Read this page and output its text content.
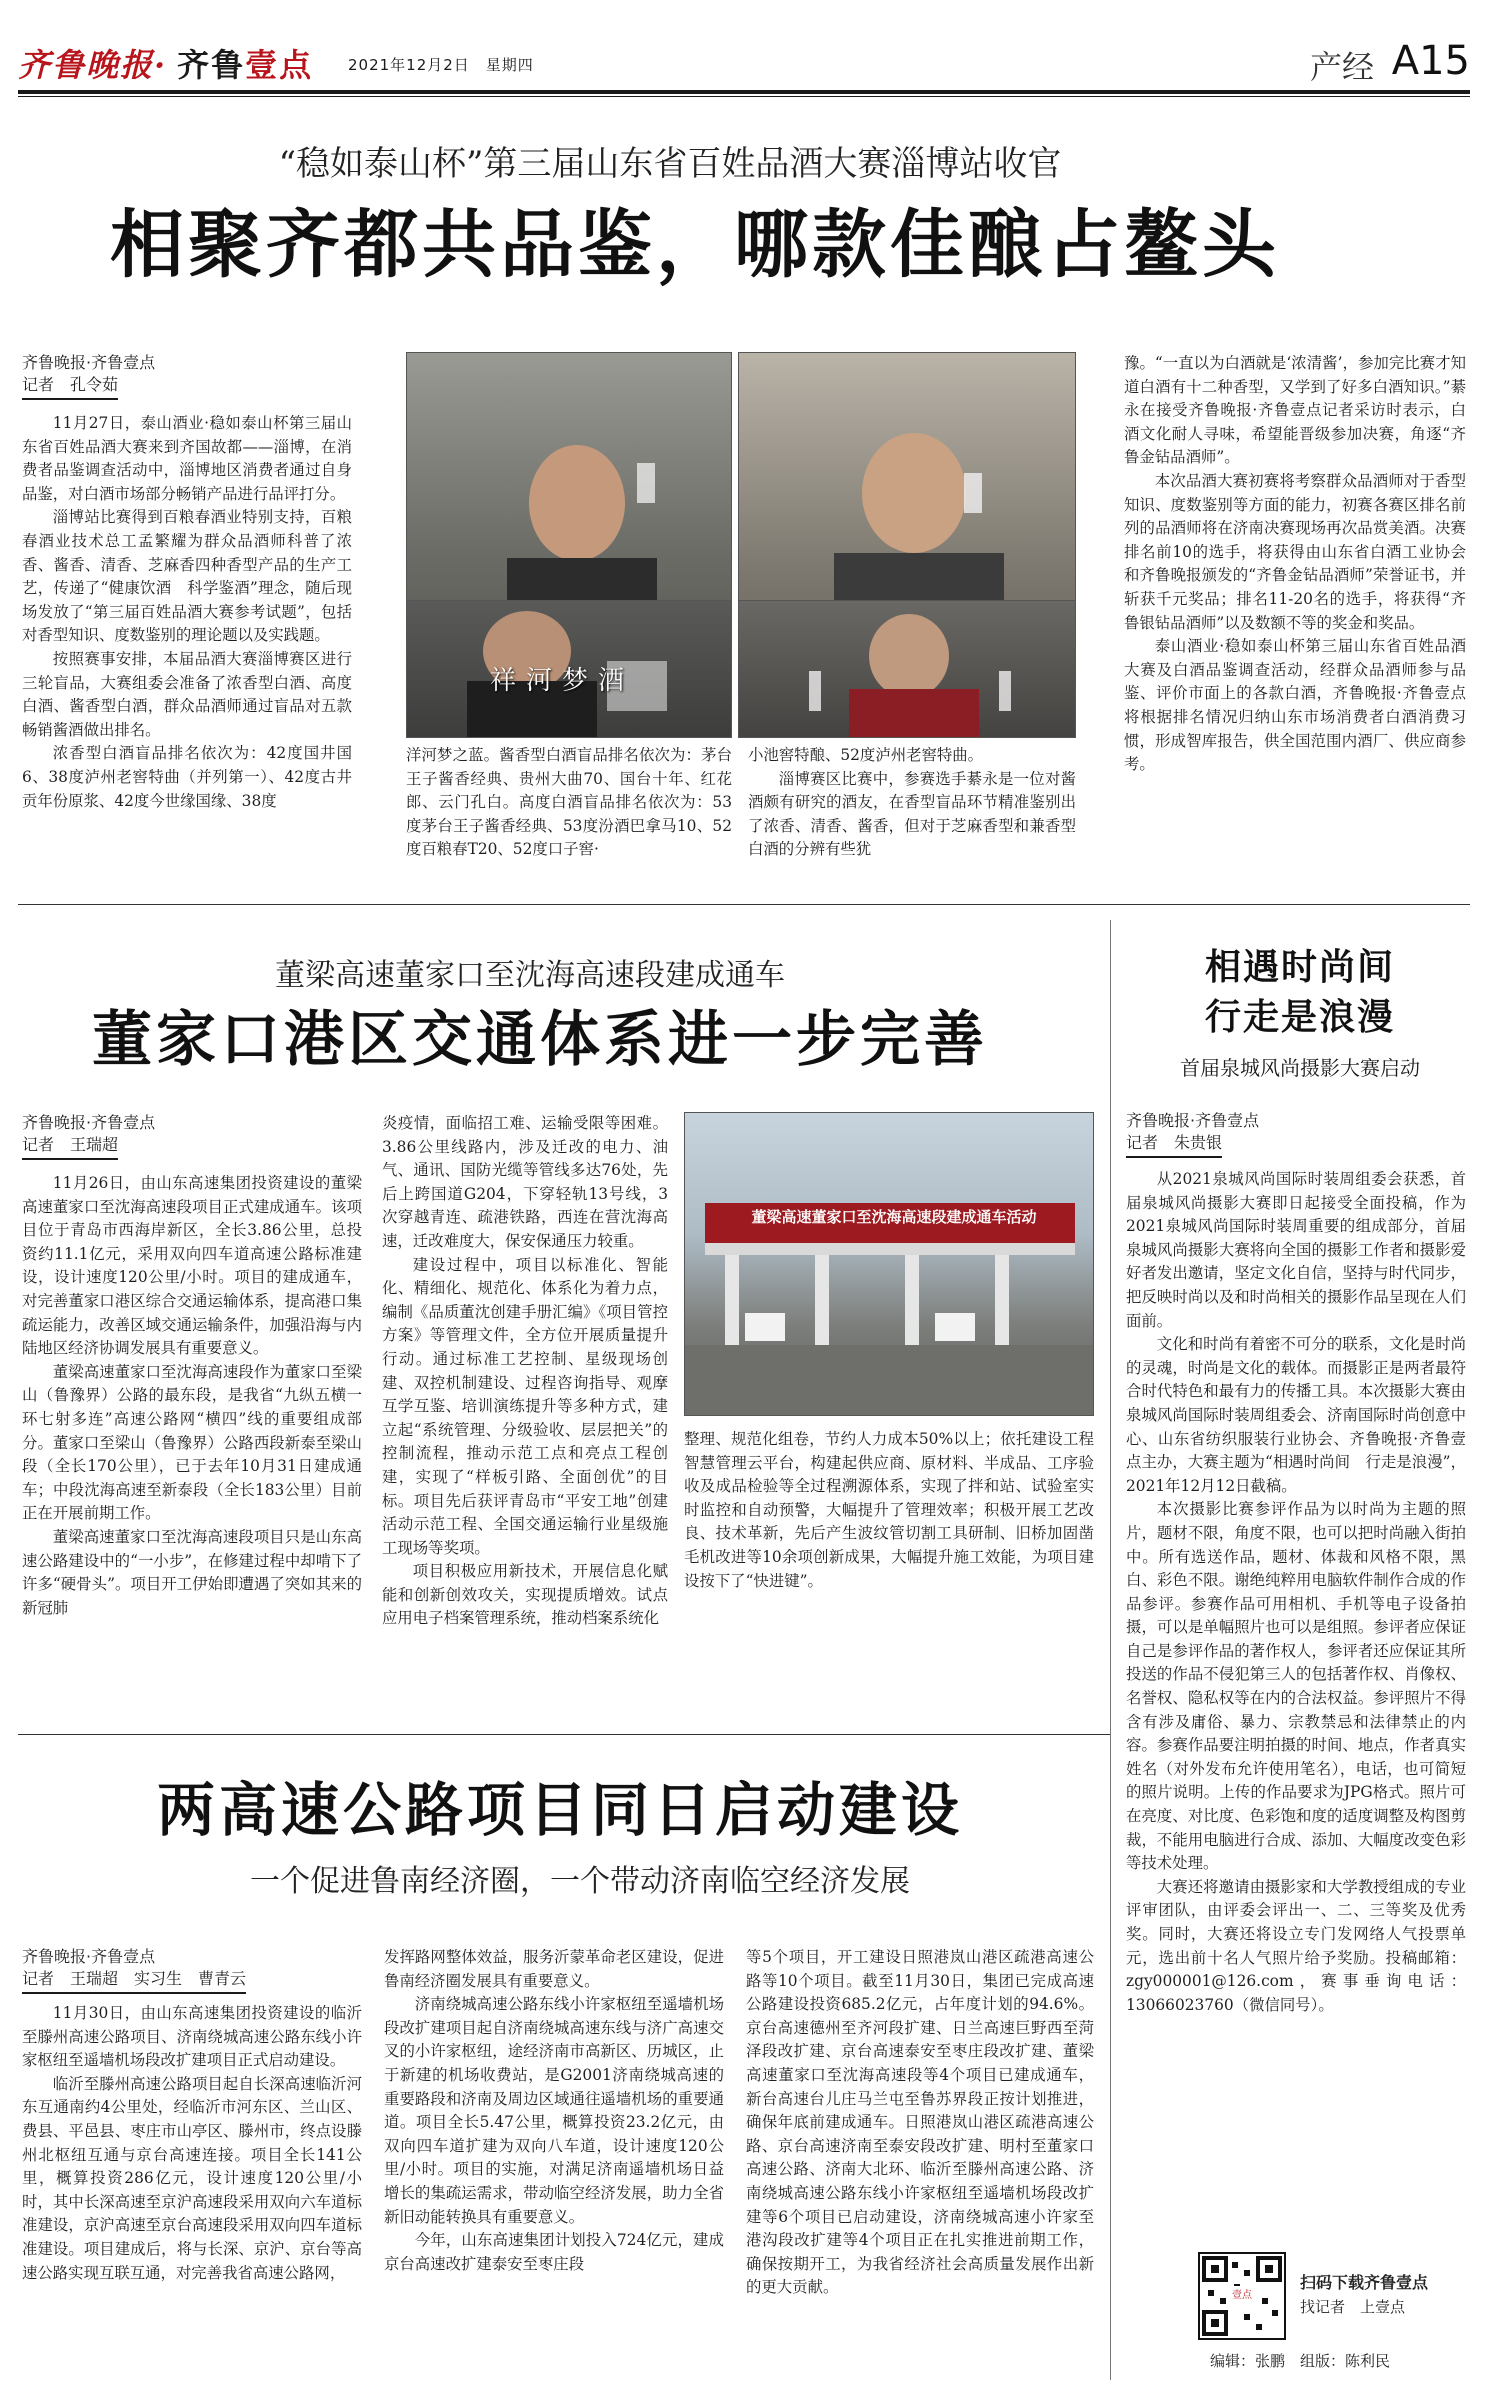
齐鲁晚报· 齐鲁壹点 2021年12月2日　星期四	产经 A15
“稳如泰山杯”第三届山东省百姓品酒大赛淄博站收官
相聚齐都共品鉴，哪款佳酿占鳌头
齐鲁晚报·齐鲁壹点
记者　孔令茹

11月27日，泰山酒业·稳如泰山杯第三届山东省百姓品酒大赛来到齐国故都——淄博，在消费者品鉴调查活动中，淄博地区消费者通过自身品鉴，对白酒市场部分畅销产品进行品评打分。

淄博站比赛得到百粮春酒业特别支持，百粮春酒业技术总工孟繁耀为群众品酒师科普了浓香、酱香、清香、芝麻香四种香型产品的生产工艺，传递了“健康饮酒　科学鉴酒”理念，随后现场发放了“第三届百姓品酒大赛参考试题”，包括对香型知识、度数鉴别的理论题以及实践题。

按照赛事安排，本届品酒大赛淄博赛区进行三轮盲品，大赛组委会准备了浓香型白酒、高度白酒、酱香型白酒，群众品酒师通过盲品对五款畅销酱酒做出排名。

浓香型白酒盲品排名依次为：42度国井国6、38度泸州老窖特曲（并列第一）、42度古井贡年份原浆、42度今世缘国缘、38度

祥河梦酒

洋河梦之蓝。酱香型白酒盲品排名依次为：茅台王子酱香经典、贵州大曲70、国台十年、红花郎、云门孔白。高度白酒盲品排名依次为：53度茅台王子酱香经典、53度汾酒巴拿马10、52度百粮春T20、52度口子窖·

小池窖特酿、52度泸州老窖特曲。

淄博赛区比赛中，参赛选手綦永是一位对酱酒颇有研究的酒友，在香型盲品环节精准鉴别出了浓香、清香、酱香，但对于芝麻香型和兼香型白酒的分辨有些犹

豫。“一直以为白酒就是‘浓清酱’，参加完比赛才知道白酒有十二种香型，又学到了好多白酒知识。”綦永在接受齐鲁晚报·齐鲁壹点记者采访时表示，白酒文化耐人寻味，希望能晋级参加决赛，角逐“齐鲁金钻品酒师”。

本次品酒大赛初赛将考察群众品酒师对于香型知识、度数鉴别等方面的能力，初赛各赛区排名前列的品酒师将在济南决赛现场再次品赏美酒。决赛排名前10的选手，将获得由山东省白酒工业协会和齐鲁晚报颁发的“齐鲁金钻品酒师”荣誉证书，并斩获千元奖品；排名11-20名的选手，将获得“齐鲁银钻品酒师”以及数额不等的奖金和奖品。

泰山酒业·稳如泰山杯第三届山东省百姓品酒大赛及白酒品鉴调查活动，经群众品酒师参与品鉴、评价市面上的各款白酒，齐鲁晚报·齐鲁壹点将根据排名情况归纳山东市场消费者白酒消费习惯，形成智库报告，供全国范围内酒厂、供应商参考。

董梁高速董家口至沈海高速段建成通车
董家口港区交通体系进一步完善
齐鲁晚报·齐鲁壹点
记者　王瑞超

11月26日，由山东高速集团投资建设的董梁高速董家口至沈海高速段项目正式建成通车。该项目位于青岛市西海岸新区，全长3.86公里，总投资约11.1亿元，采用双向四车道高速公路标准建设，设计速度120公里/小时。项目的建成通车，对完善董家口港区综合交通运输体系，提高港口集疏运能力，改善区域交通运输条件，加强沿海与内陆地区经济协调发展具有重要意义。

董梁高速董家口至沈海高速段作为董家口至梁山（鲁豫界）公路的最东段，是我省“九纵五横一环七射多连”高速公路网“横四”线的重要组成部分。董家口至梁山（鲁豫界）公路西段新泰至梁山段（全长170公里），已于去年10月31日建成通车；中段沈海高速至新泰段（全长183公里）目前正在开展前期工作。

董梁高速董家口至沈海高速段项目只是山东高速公路建设中的“一小步”，在修建过程中却啃下了许多“硬骨头”。项目开工伊始即遭遇了突如其来的新冠肺

炎疫情，面临招工难、运输受限等困难。3.86公里线路内，涉及迁改的电力、油气、通讯、国防光缆等管线多达76处，先后上跨国道G204，下穿轻轨13号线，3次穿越青连、疏港铁路，西连在营沈海高速，迁改难度大，保安保通压力较重。

建设过程中，项目以标准化、智能化、精细化、规范化、体系化为着力点，编制《品质董沈创建手册汇编》《项目管控方案》等管理文件，全方位开展质量提升行动。通过标准工艺控制、星级现场创建、双控机制建设、过程咨询指导、观摩互学互鉴、培训演练提升等多种方式，建立起“系统管理、分级验收、层层把关”的控制流程，推动示范工点和亮点工程创建，实现了“样板引路、全面创优”的目标。项目先后获评青岛市“平安工地”创建活动示范工程、全国交通运输行业星级施工现场等奖项。

项目积极应用新技术，开展信息化赋能和创新创效攻关，实现提质增效。试点应用电子档案管理系统，推动档案系统化

董梁高速董家口至沈海高速段建成通车活动

整理、规范化组卷，节约人力成本50%以上；依托建设工程智慧管理云平台，构建起供应商、原材料、半成品、工序验收及成品检验等全过程溯源体系，实现了拌和站、试验室实时监控和自动预警，大幅提升了管理效率；积极开展工艺改良、技术革新，先后产生波纹管切割工具研制、旧桥加固凿毛机改进等10余项创新成果，大幅提升施工效能，为项目建设按下了“快进键”。

两高速公路项目同日启动建设
一个促进鲁南经济圈，一个带动济南临空经济发展
齐鲁晚报·齐鲁壹点
记者　王瑞超　实习生　曹青云

11月30日，由山东高速集团投资建设的临沂至滕州高速公路项目、济南绕城高速公路东线小许家枢纽至遥墙机场段改扩建项目正式启动建设。

临沂至滕州高速公路项目起自长深高速临沂河东互通南约4公里处，经临沂市河东区、兰山区、费县、平邑县、枣庄市山亭区、滕州市，终点设滕州北枢纽互通与京台高速连接。项目全长141公里，概算投资286亿元，设计速度120公里/小时，其中长深高速至京沪高速段采用双向六车道标准建设，京沪高速至京台高速段采用双向四车道标准建设。项目建成后，将与长深、京沪、京台等高速公路实现互联互通，对完善我省高速公路网，

发挥路网整体效益，服务沂蒙革命老区建设，促进鲁南经济圈发展具有重要意义。

济南绕城高速公路东线小许家枢纽至遥墙机场段改扩建项目起自济南绕城高速东线与济广高速交叉的小许家枢纽，途经济南市高新区、历城区，止于新建的机场收费站，是G2001济南绕城高速的重要路段和济南及周边区域通往遥墙机场的重要通道。项目全长5.47公里，概算投资23.2亿元，由双向四车道扩建为双向八车道，设计速度120公里/小时。项目的实施，对满足济南遥墙机场日益增长的集疏运需求，带动临空经济发展，助力全省新旧动能转换具有重要意义。

今年，山东高速集团计划投入724亿元，建成京台高速改扩建泰安至枣庄段

等5个项目，开工建设日照港岚山港区疏港高速公路等10个项目。截至11月30日，集团已完成高速公路建设投资685.2亿元，占年度计划的94.6%。京台高速德州至齐河段扩建、日兰高速巨野西至菏泽段改扩建、京台高速泰安至枣庄段改扩建、董梁高速董家口至沈海高速段等4个项目已建成通车，新台高速台儿庄马兰屯至鲁苏界段正按计划推进，确保年底前建成通车。日照港岚山港区疏港高速公路、京台高速济南至泰安段改扩建、明村至董家口高速公路、济南大北环、临沂至滕州高速公路、济南绕城高速公路东线小许家枢纽至遥墙机场段改扩建等6个项目已启动建设，济南绕城高速小许家至港沟段改扩建等4个项目正在扎实推进前期工作，确保按期开工，为我省经济社会高质量发展作出新的更大贡献。

相遇时尚间
行走是浪漫
首届泉城风尚摄影大赛启动
齐鲁晚报·齐鲁壹点
记者　朱贵银

从2021泉城风尚国际时装周组委会获悉，首届泉城风尚摄影大赛即日起接受全面投稿，作为2021泉城风尚国际时装周重要的组成部分，首届泉城风尚摄影大赛将向全国的摄影工作者和摄影爱好者发出邀请，坚定文化自信，坚持与时代同步，把反映时尚以及和时尚相关的摄影作品呈现在人们面前。

文化和时尚有着密不可分的联系，文化是时尚的灵魂，时尚是文化的载体。而摄影正是两者最符合时代特色和最有力的传播工具。本次摄影大赛由泉城风尚国际时装周组委会、济南国际时尚创意中心、山东省纺织服装行业协会、齐鲁晚报·齐鲁壹点主办，大赛主题为“相遇时尚间　行走是浪漫”，2021年12月12日截稿。

本次摄影比赛参评作品为以时尚为主题的照片，题材不限，角度不限，也可以把时尚融入街拍中。所有选送作品，题材、体裁和风格不限，黑白、彩色不限。谢绝纯粹用电脑软件制作合成的作品参评。参赛作品可用相机、手机等电子设备拍摄，可以是单幅照片也可以是组照。参评者应保证自己是参评作品的著作权人，参评者还应保证其所投送的作品不侵犯第三人的包括著作权、肖像权、名誉权、隐私权等在内的合法权益。参评照片不得含有涉及庸俗、暴力、宗教禁忌和法律禁止的内容。参赛作品要注明拍摄的时间、地点，作者真实姓名（对外发布允许使用笔名），电话，也可简短的照片说明。上传的作品要求为JPG格式。照片可在亮度、对比度、色彩饱和度的适度调整及构图剪裁，不能用电脑进行合成、添加、大幅度改变色彩等技术处理。

大赛还将邀请由摄影家和大学教授组成的专业评审团队，由评委会评出一、二、三等奖及优秀奖。同时，大赛还将设立专门发网络人气投票单元，选出前十名人气照片给予奖励。投稿邮箱：zgy000001@126.com，赛事垂询电话：13066023760（微信同号）。

壹点
扫码下载齐鲁壹点
找记者　上壹点
编辑：张鹏　组版：陈利民
